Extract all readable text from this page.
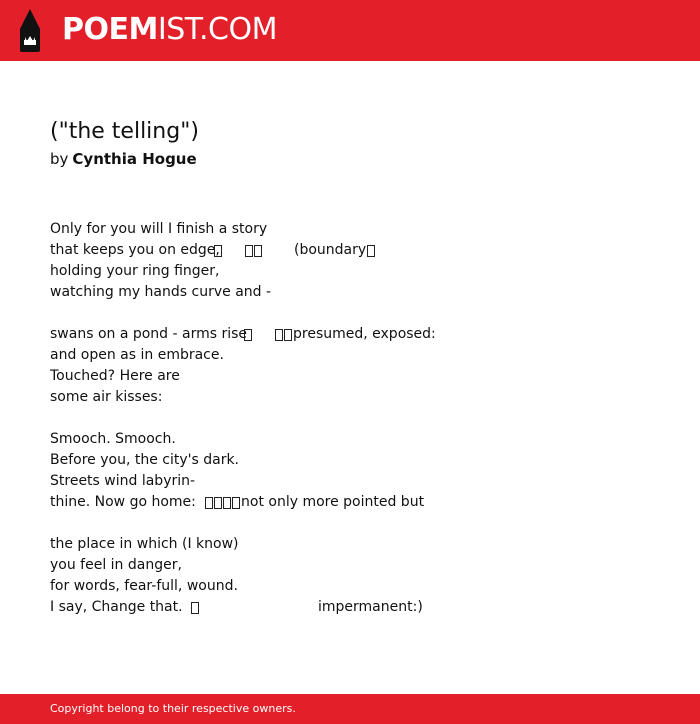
POEMIST.COM
("the telling")
by Cynthia Hogue
Only for you will I finish a story
that keeps you on edge,
holding your ring finger,
watching my hands curve and -
swans on a pond - arms rise
and open as in embrace.
Touched? Here are
some air kisses:
Smooch. Smooch.
Before you, the city's dark.
Streets wind labyrin-
thine. Now go home:
the place in which (I know)
you feel in danger,
for words, fear-full, wound.
I say, Change that.
(boundary
presumed, exposed:
not only more pointed but
impermanent:)
Copyright belong to their respective owners.
